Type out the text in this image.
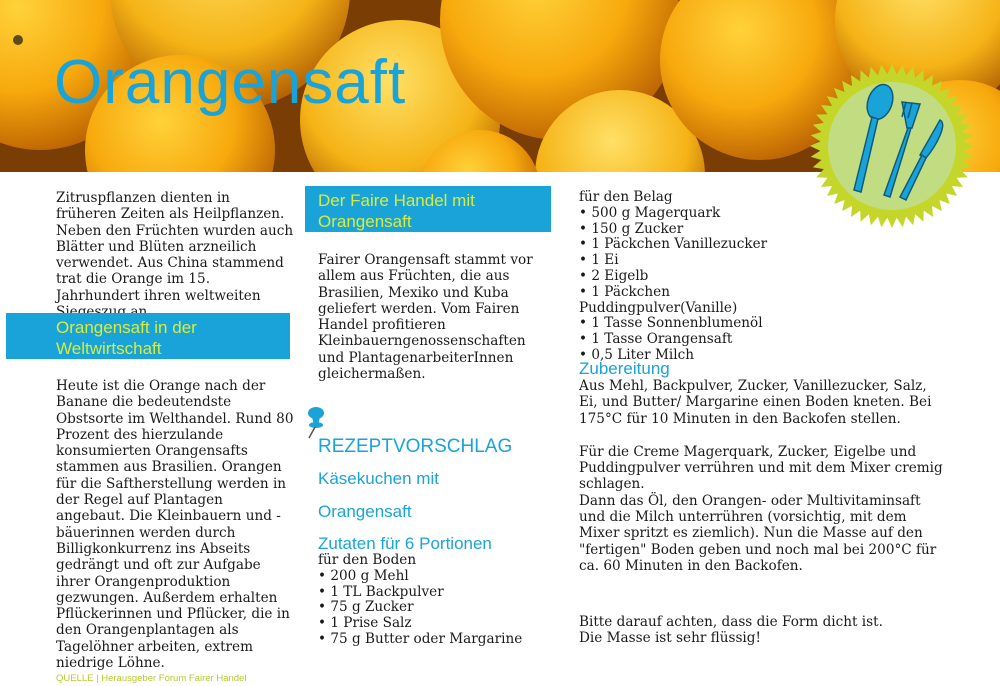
Orangensaft

Zitruspflanzen dienten in früheren Zeiten als Heilpflanzen. Neben den Früchten wurden auch Blätter und Blüten arzneilich verwendet. Aus China stammend trat die Orange im 15. Jahrhundert ihren weltweiten

Orangensaft in der Weltwirtschaft

Heute ist die Orange nach der Banane die bedeutendste Obstsorte im Welthandel. Rund 80 Prozent des hierzulande konsumierten Orangensafts stammen aus Brasilien. Orangen für die Saftherstellung werden in der Regel auf Plantagen angebaut. Die Kleinbauern und - bäuerinnen werden durch Billigkonkurrenz ins Abseits gedrängt und oft zur Aufgabe ihrer Orangenproduktion gezwungen. Außerdem erhalten Pflückerinnen und Pflücker, die in den Orangenplantagen als Tagelöhner arbeiten, extrem niedrige Löhne.

Der Faire Handel mit Orangensaft

Fairer Orangensaft stammt vor allem aus Früchten, die aus Brasilien, Mexiko und Kuba geliefert werden. Vom Fairen Handel profitieren Kleinbauerngenossenschaften und PlantagenarbeiterInnen gleichermaßen.

REZEPTVORSCHLAG
Käsekuchen mit
Orangensaft
Zutaten für 6 Portionen
für den Boden
• 200 g Mehl
• 1 TL Backpulver
• 75 g Zucker
• 1 Prise Salz
• 75 g Butter oder Margarine
für den Belag
• 500 g Magerquark
• 150 g Zucker
• 1 Päckchen Vanillezucker
• 1 Ei
• 2 Eigelb
• 1 Päckchen Puddingpulver(Vanille)
• 1 Tasse Sonnenblumenöl
• 1 Tasse Orangensaft
• 0,5 Liter Milch
Zubereitung

Aus Mehl, Backpulver, Zucker, Vanillezucker, Salz, Ei, und Butter/ Margarine einen Boden kneten. Bei 175°C für 10 Minuten in den Backofen stellen.

Für die Creme Magerquark, Zucker, Eigelbe und Puddingpulver verrühren und mit dem Mixer cremig schlagen.

Dann das Öl, den Orangen- oder Multivitaminsaft und die Milch unterrühren (vorsichtig, mit dem Mixer spritzt es ziemlich). Nun die Masse auf den "fertigen" Boden geben und noch mal bei 200°C für ca. 60 Minuten in den Backofen.

Bitte darauf achten, dass die Form dicht ist.
Die Masse ist sehr flüssig!
QUELLE | Herausgeber Forum Fairer Handel
